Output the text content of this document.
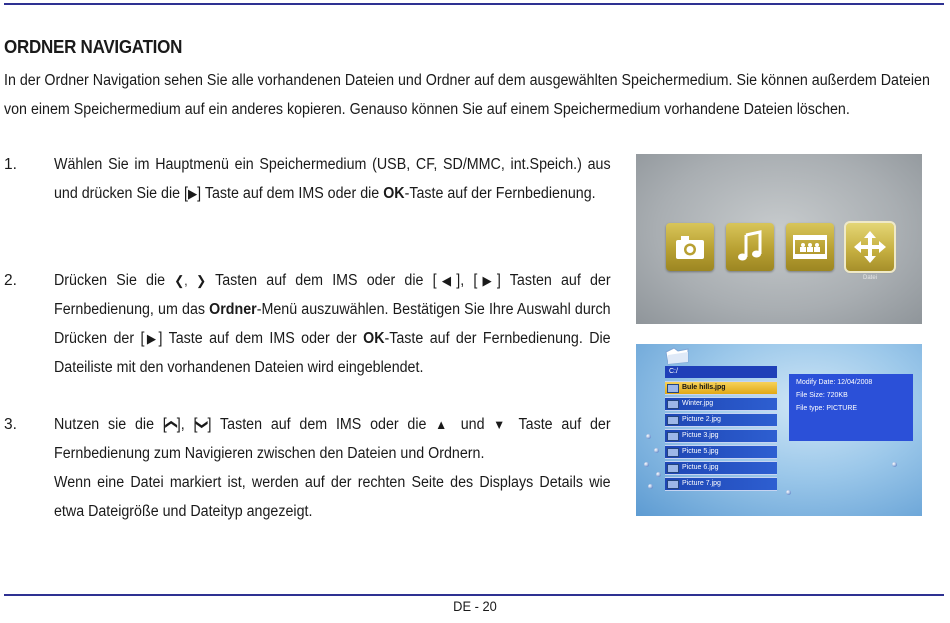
ORDNER NAVIGATION
In der Ordner Navigation sehen Sie alle vorhandenen Dateien und Ordner auf dem ausgewählten Speichermedium. Sie können außerdem Dateien von einem Speichermedium auf ein anderes kopieren. Genauso können Sie auf einem Speichermedium vorhandene Dateien löschen.
1. Wählen Sie im Hauptmenü ein Speichermedium (USB, CF, SD/MMC, int.Speich.) aus und drücken Sie die [▶] Taste auf dem IMS oder die OK-Taste auf der Fernbedienung.

2. Drücken Sie die ❮, ❯ Tasten auf dem IMS oder die [◀], [▶] Tasten auf der Fernbedienung, um das Ordner-Menü auszuwählen. Bestätigen Sie Ihre Auswahl durch Drücken der [▶] Taste auf dem IMS oder der OK-Taste auf der Fernbedienung. Die Dateiliste mit den vorhandenen Dateien wird eingeblendet.

3. Nutzen sie die [❮], [❯] Tasten auf dem IMS oder die ▲ und ▼ Taste auf der Fernbedienung zum Navigieren zwischen den Dateien und Ordnern.

Wenn eine Datei markiert ist, werden auf der rechten Seite des Displays Details wie etwa Dateigröße und Dateityp angezeigt.

Datei
C:/
Bule hills.jpg
Winter.jpg
Picture 2.jpg
Pictue 3.jpg
Pictue 5.jpg
Pictue 6.jpg
Picture 7.jpg
Modify Date: 12/04/2008
File Size: 720KB
File type: PICTURE
DE - 20
